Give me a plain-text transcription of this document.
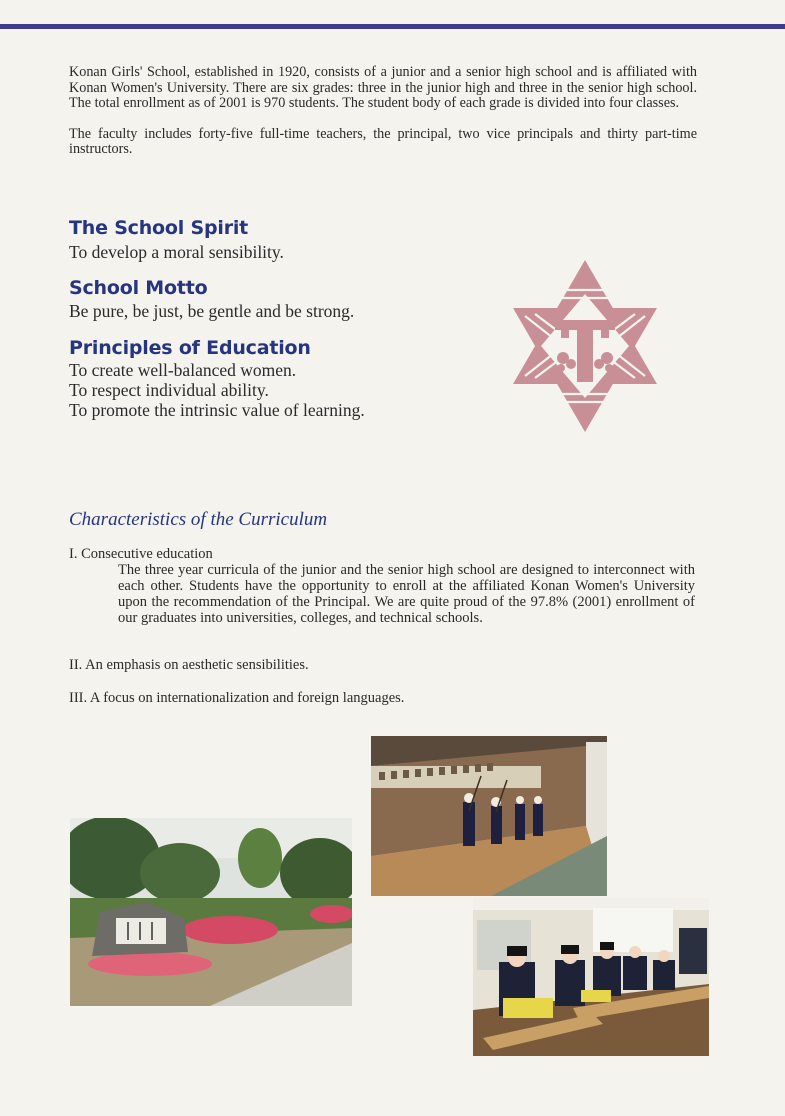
Konan Girls' School, established in 1920, consists of a junior and a senior high school and is affiliated with Konan Women's University. There are six grades: three in the junior high and three in the senior high school. The total enrollment as of 2001 is 970 students. The student body of each grade is divided into four classes.

The faculty includes forty-five full-time teachers, the principal, two vice principals and thirty part-time instructors.

The School Spirit

To develop a moral sensibility.

School Motto

Be pure, be just, be gentle and be strong.

Principles of Education

To create well-balanced women.

To respect individual ability.

To promote the intrinsic value of learning.

Characteristics of the Curriculum

I. Consecutive education

The three year curricula of the junior and the senior high school are designed to interconnect with each other. Students have the opportunity to enroll at the affiliated Konan Women's University upon the recommendation of the Principal. We are quite proud of the 97.8% (2001) enrollment of our graduates into universities, colleges, and technical schools.

II. An emphasis on aesthetic sensibilities.

III. A focus on internationalization and foreign languages.
